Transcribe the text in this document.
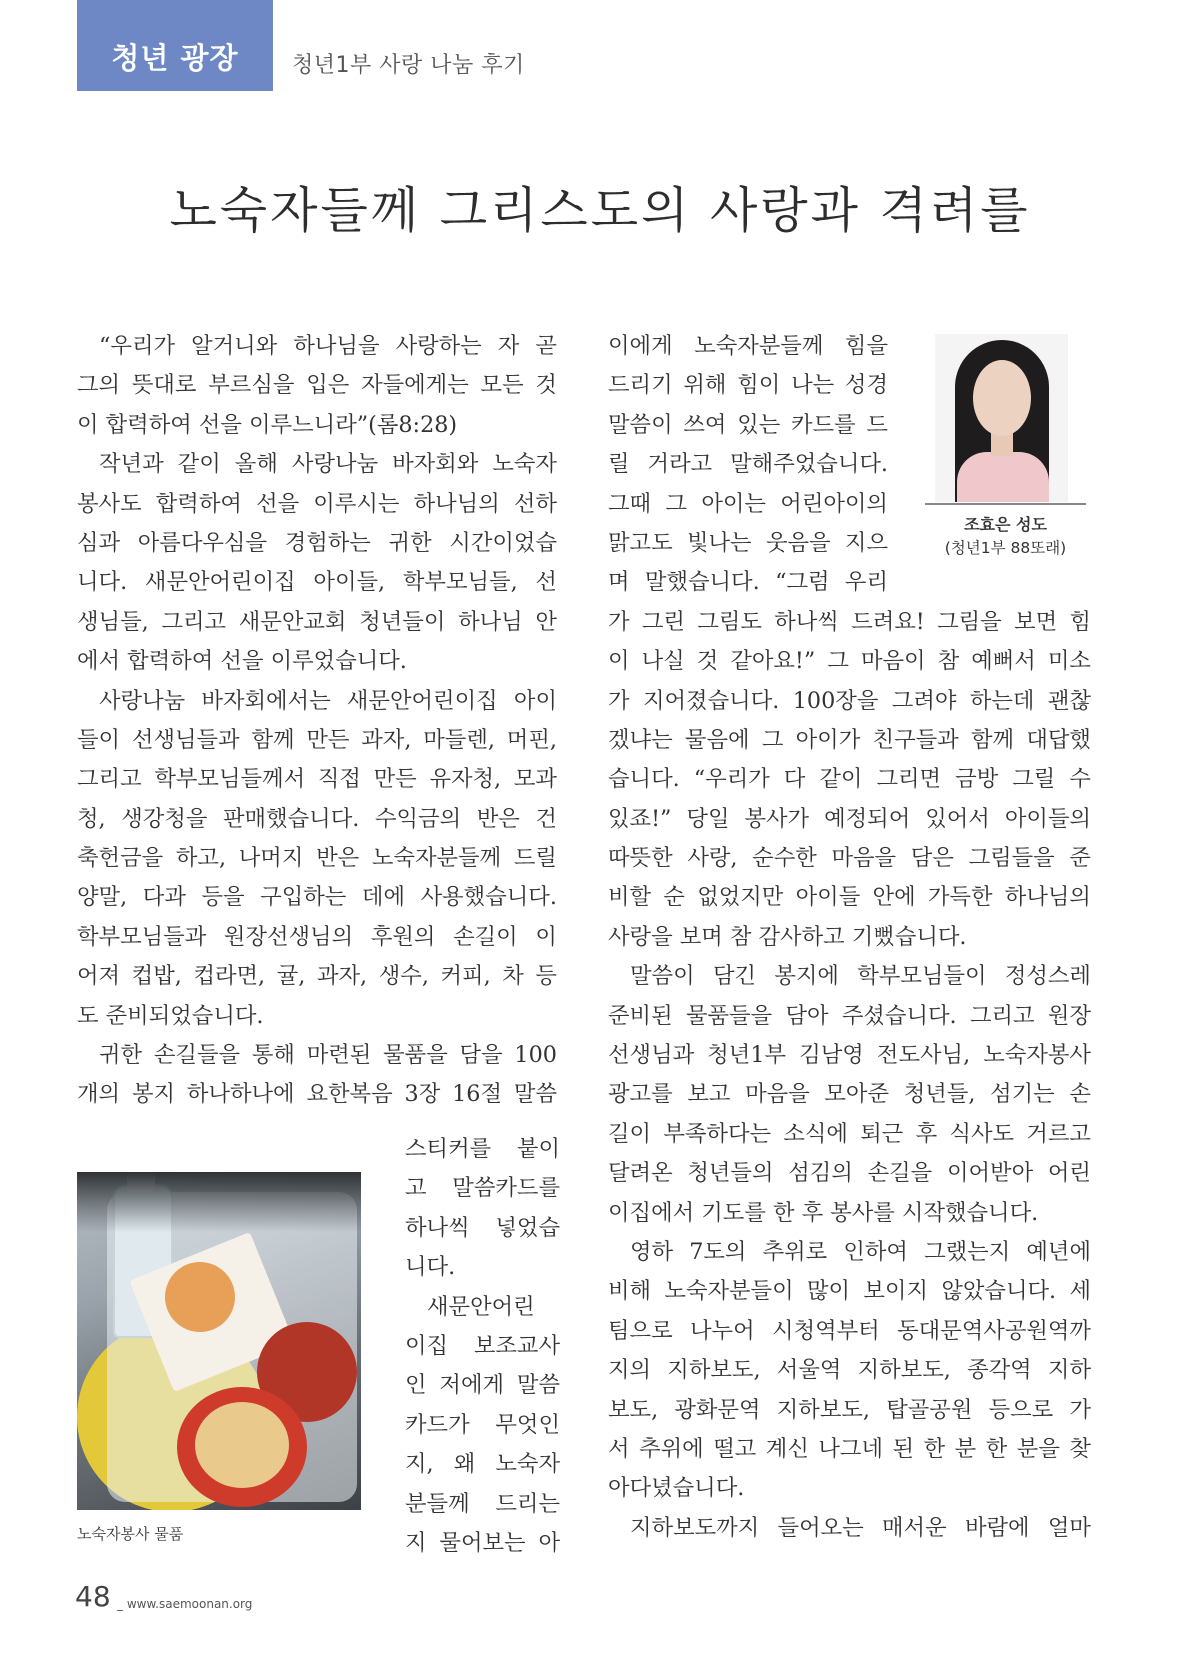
청년 광장	청년1부 사랑 나눔 후기
노숙자들께 그리스도의 사랑과 격려를
“우리가 알거니와 하나님을 사랑하는 자 곧
그의 뜻대로 부르심을 입은 자들에게는 모든 것
이 합력하여 선을 이루느니라”(롬8:28)
작년과 같이 올해 사랑나눔 바자회와 노숙자
봉사도 합력하여 선을 이루시는 하나님의 선하
심과 아름다우심을 경험하는 귀한 시간이었습
니다. 새문안어린이집 아이들, 학부모님들, 선
생님들, 그리고 새문안교회 청년들이 하나님 안
에서 합력하여 선을 이루었습니다.
사랑나눔 바자회에서는 새문안어린이집 아이
들이 선생님들과 함께 만든 과자, 마들렌, 머핀,
그리고 학부모님들께서 직접 만든 유자청, 모과
청, 생강청을 판매했습니다. 수익금의 반은 건
축헌금을 하고, 나머지 반은 노숙자분들께 드릴
양말, 다과 등을 구입하는 데에 사용했습니다.
학부모님들과 원장선생님의 후원의 손길이 이
어져 컵밥, 컵라면, 귤, 과자, 생수, 커피, 차 등
도 준비되었습니다.
귀한 손길들을 통해 마련된 물품을 담을 100
개의 봉지 하나하나에 요한복음 3장 16절 말씀
스티커를 붙이
고 말씀카드를
하나씩 넣었습
니다.
새문안어린
이집 보조교사
인 저에게 말씀
카드가 무엇인
지, 왜 노숙자
분들께 드리는
지 물어보는 아
이에게 노숙자분들께 힘을
드리기 위해 힘이 나는 성경
말씀이 쓰여 있는 카드를 드
릴 거라고 말해주었습니다.
그때 그 아이는 어린아이의
맑고도 빛나는 웃음을 지으
며 말했습니다. “그럼 우리
가 그린 그림도 하나씩 드려요! 그림을 보면 힘
이 나실 것 같아요!” 그 마음이 참 예뻐서 미소
가 지어졌습니다. 100장을 그려야 하는데 괜찮
겠냐는 물음에 그 아이가 친구들과 함께 대답했
습니다. “우리가 다 같이 그리면 금방 그릴 수
있죠!” 당일 봉사가 예정되어 있어서 아이들의
따뜻한 사랑, 순수한 마음을 담은 그림들을 준
비할 순 없었지만 아이들 안에 가득한 하나님의
사랑을 보며 참 감사하고 기뻤습니다.
말씀이 담긴 봉지에 학부모님들이 정성스레
준비된 물품들을 담아 주셨습니다. 그리고 원장
선생님과 청년1부 김남영 전도사님, 노숙자봉사
광고를 보고 마음을 모아준 청년들, 섬기는 손
길이 부족하다는 소식에 퇴근 후 식사도 거르고
달려온 청년들의 섬김의 손길을 이어받아 어린
이집에서 기도를 한 후 봉사를 시작했습니다.
영하 7도의 추위로 인하여 그랬는지 예년에
비해 노숙자분들이 많이 보이지 않았습니다. 세
팀으로 나누어 시청역부터 동대문역사공원역까
지의 지하보도, 서울역 지하보도, 종각역 지하
보도, 광화문역 지하보도, 탑골공원 등으로 가
서 추위에 떨고 계신 나그네 된 한 분 한 분을 찾
아다녔습니다.
지하보도까지 들어오는 매서운 바람에 얼마
노숙자봉사 물품
조효은 성도
(청년1부 88또래)
48 _ www.saemoonan.org
